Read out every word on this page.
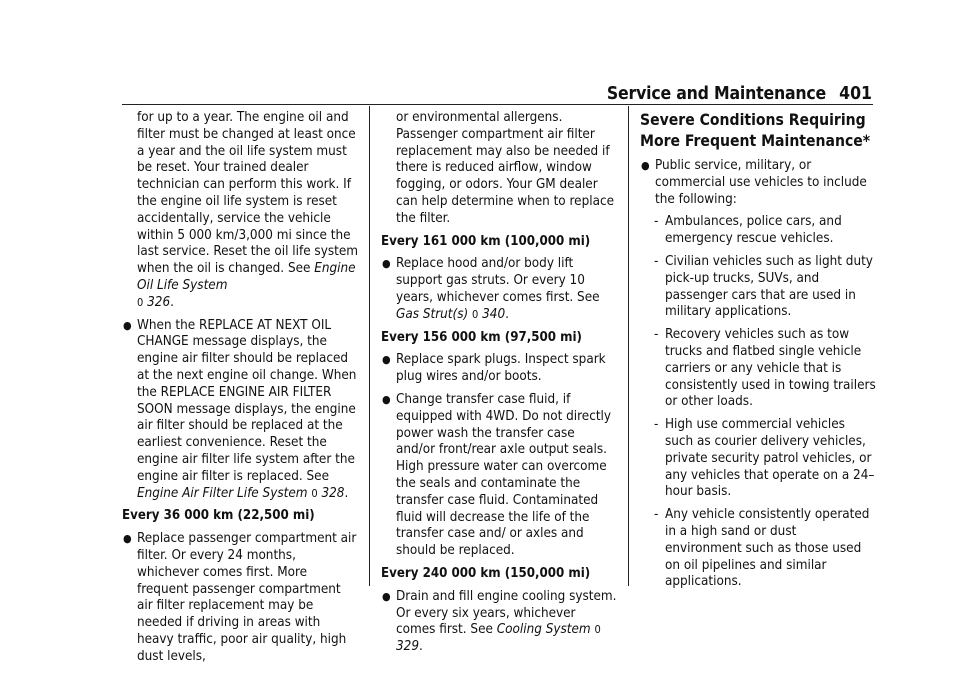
Service and Maintenance 401

for up to a year. The engine oil and filter must be changed at least once a year and the oil life system must be reset. Your trained dealer technician can perform this work. If the engine oil life system is reset accidentally, service the vehicle within 5 000 km/3,000 mi since the last service. Reset the oil life system when the oil is changed. See Engine Oil Life System
0 326.

● When the REPLACE AT NEXT OIL CHANGE message displays, the engine air filter should be replaced at the next engine oil change. When the REPLACE ENGINE AIR FILTER SOON message displays, the engine air filter should be replaced at the earliest convenience. Reset the engine air filter life system after the engine air filter is replaced. See Engine Air Filter Life System 0 328.
Every 36 000 km (22,500 mi)
● Replace passenger compartment air filter. Or every 24 months, whichever comes first. More frequent passenger compartment air filter replacement may be needed if driving in areas with heavy traffic, poor air quality, high dust levels,

or environmental allergens. Passenger compartment air filter replacement may also be needed if there is reduced airflow, window fogging, or odors. Your GM dealer can help determine when to replace the filter.

Every 161 000 km (100,000 mi)
● Replace hood and/or body lift support gas struts. Or every 10 years, whichever comes first. See Gas Strut(s) 0 340.
Every 156 000 km (97,500 mi)
● Replace spark plugs. Inspect spark plug wires and/or boots.
● Change transfer case fluid, if equipped with 4WD. Do not directly power wash the transfer case and/or front/rear axle output seals. High pressure water can overcome the seals and contaminate the transfer case fluid. Contaminated fluid will decrease the life of the transfer case and/ or axles and should be replaced.
Every 240 000 km (150,000 mi)
● Drain and fill engine cooling system. Or every six years, whichever comes first. See Cooling System 0 329.
Severe Conditions Requiring More Frequent Maintenance*
● Public service, military, or commercial use vehicles to include the following:
- Ambulances, police cars, and emergency rescue vehicles.
- Civilian vehicles such as light duty pick-up trucks, SUVs, and passenger cars that are used in military applications.
- Recovery vehicles such as tow trucks and flatbed single vehicle carriers or any vehicle that is consistently used in towing trailers or other loads.
- High use commercial vehicles such as courier delivery vehicles, private security patrol vehicles, or any vehicles that operate on a 24–hour basis.
- Any vehicle consistently operated in a high sand or dust environment such as those used on oil pipelines and similar applications.
